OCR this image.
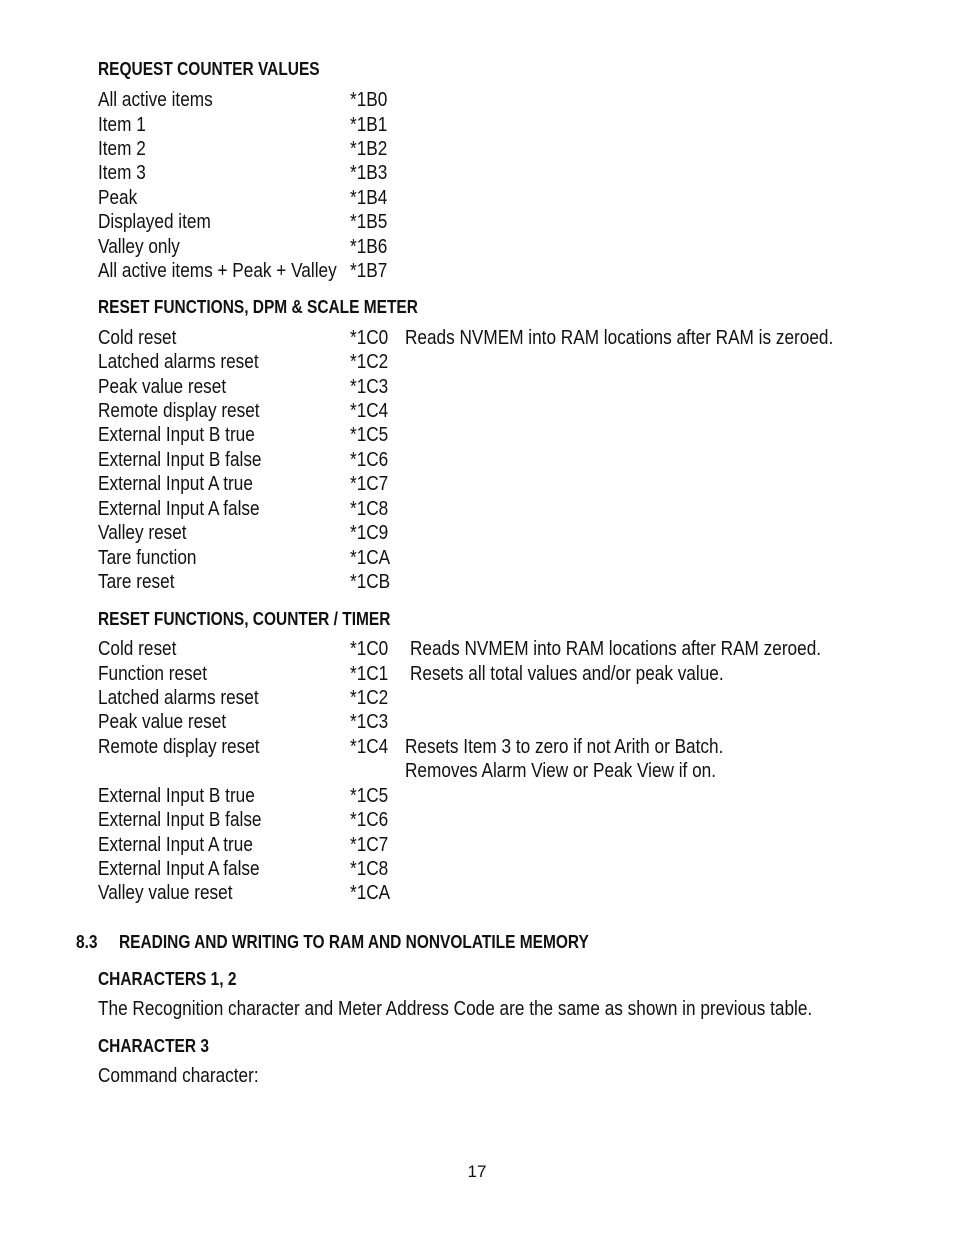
REQUEST COUNTER VALUES
All active items	*1B0
Item 1	*1B1
Item 2	*1B2
Item 3	*1B3
Peak	*1B4
Displayed item	*1B5
Valley only	*1B6
All active items + Peak + Valley *1B7
RESET FUNCTIONS, DPM & SCALE METER
Cold reset	*1C0 Reads NVMEM into RAM locations after RAM is zeroed.
Latched alarms reset	*1C2
Peak value reset	*1C3
Remote display reset	*1C4
External Input B true	*1C5
External Input B false	*1C6
External Input A true	*1C7
External Input A false	*1C8
Valley reset	*1C9
Tare function	*1CA
Tare reset	*1CB
RESET FUNCTIONS, COUNTER / TIMER
Cold reset	*1C0 Reads NVMEM into RAM locations after RAM zeroed.
Function reset	*1C1 Resets all total values and/or peak value.
Latched alarms reset	*1C2
Peak value reset	*1C3
Remote display reset	*1C4 Resets Item 3 to zero if not Arith or Batch.
Removes Alarm View or Peak View if on.
External Input B true	*1C5
External Input B false	*1C6
External Input A true	*1C7
External Input A false	*1C8
Valley value reset	*1CA
8.3 READING AND WRITING TO RAM AND NONVOLATILE MEMORY
CHARACTERS 1, 2
The Recognition character and Meter Address Code are the same as shown in previous table.
CHARACTER 3
Command character:
17
